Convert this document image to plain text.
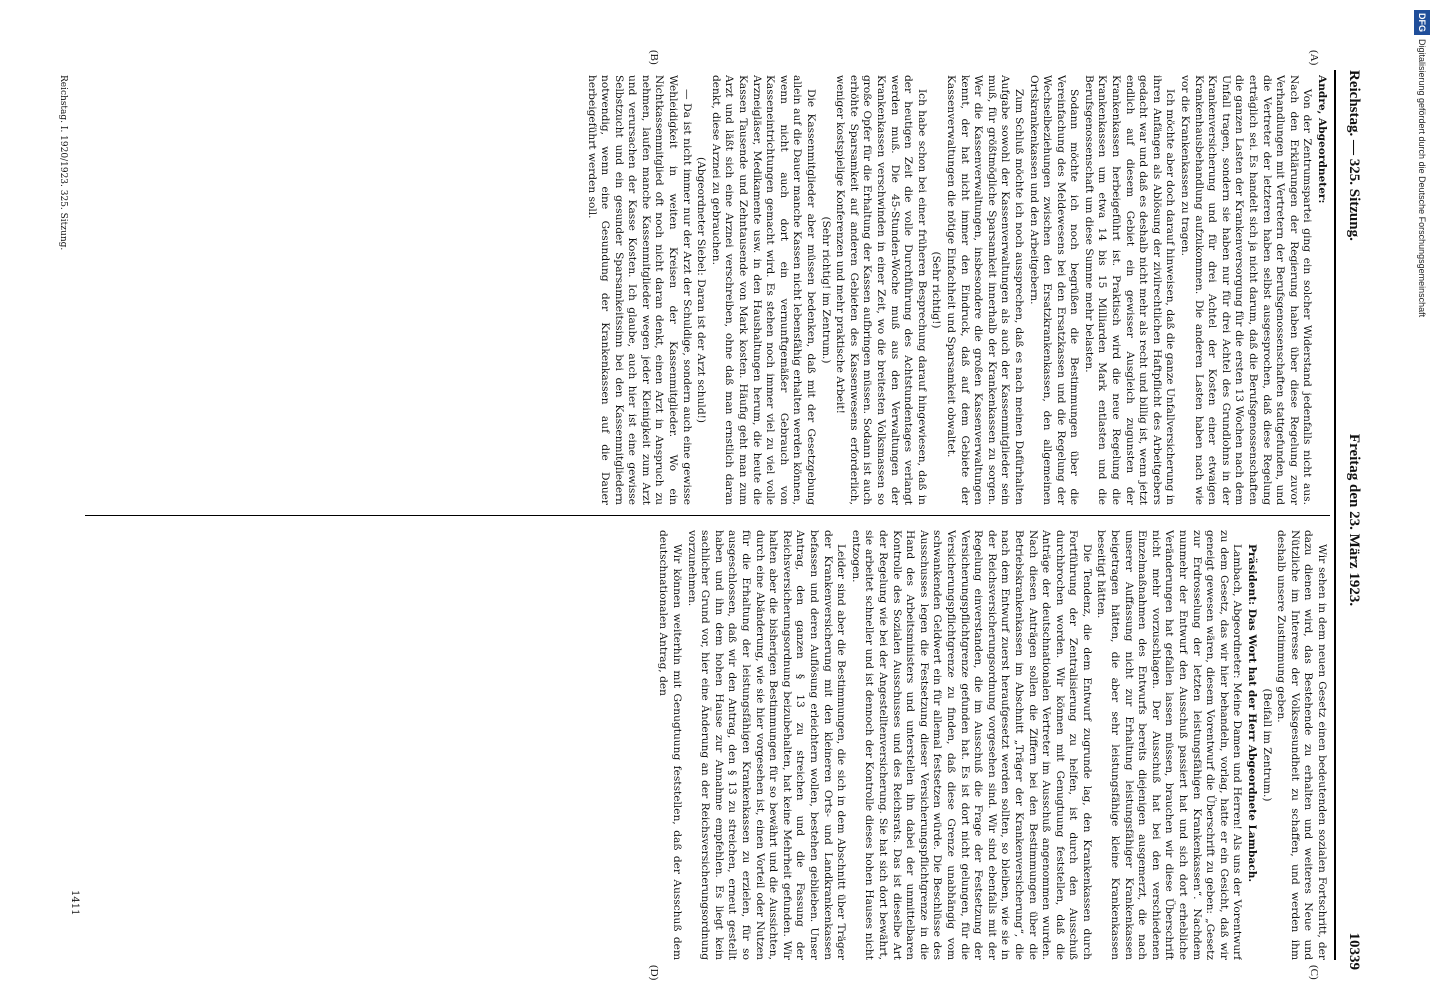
Reichstag. — 325. Sitzung.
Freitag den 23. März 1923.
10339
(A)
(B)
(C)
(D)

Andre, Abgeordneter:

Von der Zentrumspartei ging ein solcher Widerstand jedenfalls nicht aus. Nach den Erklärungen der Regierung haben über diese Regelung zuvor Verhandlungen mit Vertretern der Berufsgenossenschaften stattgefunden, und die Vertreter der letzteren haben selbst ausgesprochen, daß diese Regelung erträglich sei. Es handelt sich ja nicht darum, daß die Berufsgenossenschaften die ganzen Lasten der Krankenversorgung für die ersten 13 Wochen nach dem Unfall tragen, sondern sie haben nur für drei Achtel des Grundlohns in der Krankenversicherung und für drei Achtel der Kosten einer etwaigen Krankenhausbehandlung aufzukommen. Die anderen Lasten haben nach wie vor die Krankenkassen zu tragen.

Ich möchte aber doch darauf hinweisen, daß die ganze Unfallversicherung in ihren Anfängen als Ablösung der zivilrechtlichen Haftpflicht des Arbeitgebers gedacht war und daß es deshalb nicht mehr als recht und billig ist, wenn jetzt endlich auf diesem Gebiet ein gewisser Ausgleich zugunsten der Krankenkassen herbeigeführt ist. Praktisch wird die neue Regelung die Krankenkassen um etwa 14 bis 15 Milliarden Mark entlasten und die Berufsgenossenschaft um diese Summe mehr belasten.

Sodann möchte ich noch begrüßen die Bestimmungen über die Vereinfachung des Meldewesens bei den Ersatzkassen und die Regelung der Wechselbeziehungen zwischen den Ersatzkrankenkassen, den allgemeinen Ortskrankenkassen und den Arbeitgebern.

Zum Schluß möchte ich noch aussprechen, daß es nach meinen Dafürhalten Aufgabe sowohl der Kassenverwaltungen als auch der Kassenmitglieder sein muß, für größtmögliche Sparsamkeit innerhalb der Krankenkassen zu sorgen. Wer die Kassenverwaltungen, insbesondere die großen Kassenverwaltungen kennt, der hat nicht immer den Eindruck, daß auf dem Gebiete der Kassenverwaltungen die nötige Einfachheit und Sparsamkeit obwaltet.

(Sehr richtig!)

Ich habe schon bei einer früheren Besprechung darauf hingewiesen, daß in der heutigen Zeit die volle Durchführung des Achtstundentages verlangt werden muß. Die 45-Stunden-Woche muß aus den Verwaltungen der Krankenkassen verschwinden in einer Zeit, wo die breitesten Volksmassen so große Opfer für die Erhaltung der Kassen aufbringen müssen. Sodann ist auch erhöhte Sparsamkeit auf anderen Gebieten des Kassenwesens erforderlich, weniger kostspielige Konferenzen und mehr praktische Arbeit!

(Sehr richtig! im Zentrum.)

Die Kassenmitglieder aber müssen bedenken, daß mit der Gesetzgebung allein auf die Dauer manche Kassen nicht lebensfähig erhalten werden können, wenn nicht auch dort ein vernunftgemäßer Gebrauch von Kasseneintrichtungen gemacht wird. Es stehen noch immer viel zu viel volle Arzneigläser, Medikamente usw. in den Haushaltungen herum, die heute die Kassen Tausende und Zehntausende von Mark kosten. Häufig geht man zum Arzt und läßt sich eine Arznei verschreiben, ohne daß man ernstlich daran denkt, diese Arznei zu gebrauchen.

(Abgeordneter Siebel: Daran ist der Arzt schuld!)

— Da ist nicht immer nur der Arzt der Schuldige, sondern auch eine gewisse Wehleidigkeit in weiten Kreisen der Kassenmitglieder. Wo ein Nichtkassenmitglied oft noch nicht daran denkt, einen Arzt in Anspruch zu nehmen, laufen manche Kassenmitglieder wegen jeder Kleinigkeit zum Arzt und verursachen der Kasse Kosten. Ich glaube, auch hier ist eine gewisse Selbstzucht und ein gesunder Sparsamkeitssinn bei den Kassenmitgliedern notwendig, wenn eine Gesundung der Krankenkassen auf die Dauer herbeigeführt werden soll.

Wir sehen in dem neuen Gesetz einen bedeutenden sozialen Fortschritt, der dazu dienen wird, das Bestehende zu erhalten und weiteres Neue und Nützliche im Interesse der Volksgesundheit zu schaffen, und werden ihm deshalb unsere Zustimmung geben.

(Beifall im Zentrum.)

Präsident: Das Wort hat der Herr Abgeordnete Lambach.

Lambach, Abgeordneter: Meine Damen und Herren! Als uns der Vorentwurf zu dem Gesetz, das wir hier behandeln, vorlag, hatte er ein Gesicht, daß wir geneigt gewesen wären, diesem Vorentwurf die Überschrift zu geben: „Gesetz zur Erdrosselung der letzten leistungsfähigen Krankenkassen“. Nachdem nunmehr der Entwurf den Ausschuß passiert hat und sich dort erhebliche Veränderungen hat gefallen lassen müssen, brauchen wir diese Überschrift nicht mehr vorzuschlagen. Der Ausschuß hat bei den verschiedenen Einzelmaßnahmen des Entwurfs bereits diejenigen ausgemerzt, die nach unserer Auffassung nicht zur Erhaltung leistungsfähiger Krankenkassen beigetragen hätten, die aber sehr leistungsfähige kleine Krankenkassen beseitigt hätten.

Die Tendenz, die dem Entwurf zugrunde lag, den Krankenkassen durch Fortführung der Zentralisierung zu helfen, ist durch den Ausschuß durchbrochen worden. Wir können mit Genugtuung feststellen, daß die Anträge der deutschnationalen Vertreter im Ausschuß angenommen wurden. Nach diesen Anträgen sollen die Ziffern bei den Bestimmungen über die Betriebskrankenkassen im Abschnitt „Träger der Krankenversicherung“, die nach dem Entwurf zuerst heraufgesetzt werden sollten, so bleiben, wie sie in der Reichsversicherungsordnung vorgesehen sind. Wir sind ebenfalls mit der Regelung einverstanden, die im Ausschuß die Frage der Festsetzung der Versicherungspflichtgrenze gefunden hat. Es ist dort nicht gelungen, für die Versicherungspflichtgrenze zu finden, daß diese Grenze unabhängig vom schwankenden Geldwert ein für allemal festsetzen würde. Die Beschlüsse des Ausschusses legen die Festsetzung dieser Versicherungspflichtgrenze in die Hand des Arbeitsministers und unterstellen ihn dabei der unmittelbaren Kontrolle des Sozialen Ausschusses und des Reichsrats. Das ist dieselbe Art der Regelung wie bei der Angestelltenversicherung. Sie hat sich dort bewährt, sie arbeitet schneller und ist dennoch der Kontrolle dieses hohen Hauses nicht entzogen.

Leider sind aber die Bestimmungen, die sich in dem Abschnitt über Träger der Krankenversicherung mit den kleineren Orts- und Landkrankenkassen befassen und deren Auflösung erleichtern wollen, bestehen geblieben. Unser Antrag, den ganzen § 13 zu streichen und die Fassung der Reichsversicherungsordnung beizubehalten, hat keine Mehrheit gefunden. Wir halten aber die bisherigen Bestimmungen für so bewährt und die Aussichten, durch eine Abänderung, wie sie hier vorgesehen ist, einen Vorteil oder Nutzen für die Erhaltung der leistungsfähigen Krankenkassen zu erzielen, für so ausgeschlossen, daß wir den Antrag, den § 13 zu streichen, erneut gestellt haben und ihn dem hohen Hause zur Annahme empfehlen. Es liegt kein sachlicher Grund vor, hier eine Änderung an der Reichsversicherungsordnung vorzunehmen.

Wir können weiterhin mit Genugtuung feststellen, daß der Ausschuß dem deutschnationalen Antrag, den

Reichstag. I. 1920/1923. 325. Sitzung.
1411
DFGDigitalisierung gefördert durch die Deutsche Forschungsgemeinschaft
